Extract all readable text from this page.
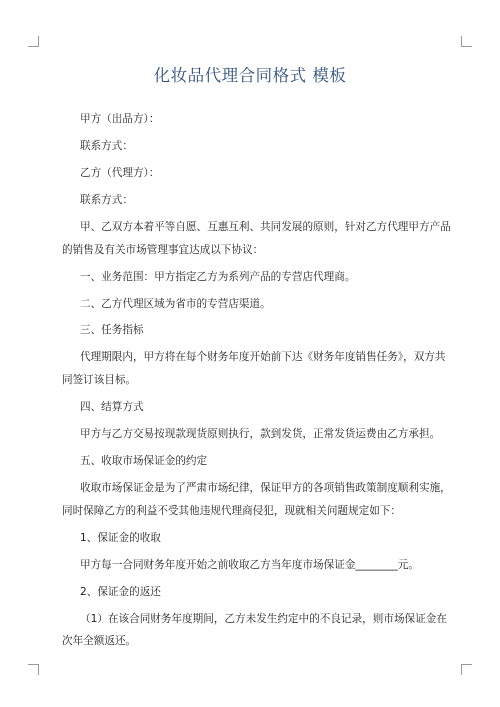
化妆品代理合同格式 模板

甲方（出品方）：

联系方式：

乙方（代理方）：

联系方式：

甲、乙双方本着平等自愿、互惠互利、共同发展的原则，针对乙方代理甲方产品的销售及有关市场管理事宜达成以下协议：

一、业务范围：甲方指定乙方为系列产品的专营店代理商。

二、乙方代理区域为省市的专营店渠道。

三、任务指标

代理期限内，甲方将在每个财务年度开始前下达《财务年度销售任务》，双方共同签订该目标。

四、结算方式

甲方与乙方交易按现款现货原则执行，款到发货，正常发货运费由乙方承担。

五、收取市场保证金的约定

收取市场保证金是为了严肃市场纪律，保证甲方的各项销售政策制度顺利实施，同时保障乙方的利益不受其他违规代理商侵犯，现就相关问题规定如下：

1、保证金的收取

甲方每一合同财务年度开始之前收取乙方当年度市场保证金________元。

2、保证金的返还

（1）在该合同财务年度期间，乙方未发生约定中的不良记录，则市场保证金在次年全额返还。
